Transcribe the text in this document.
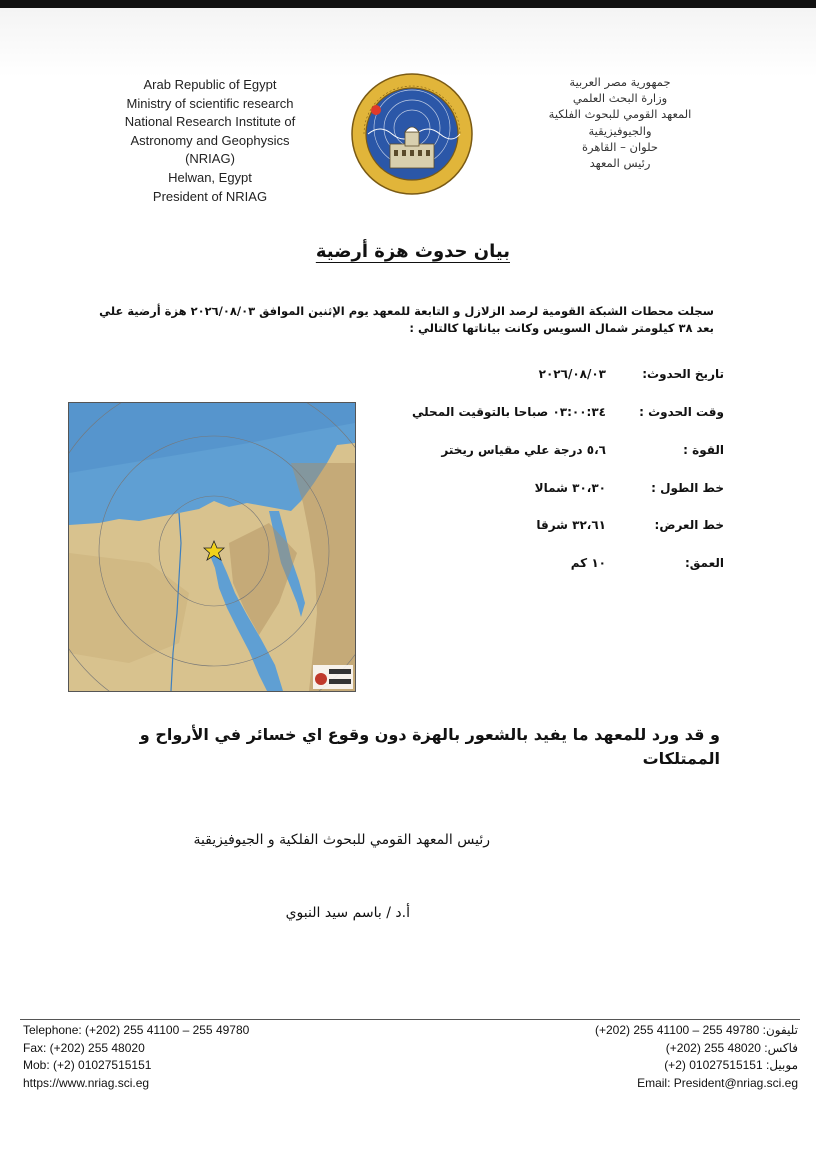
Arab Republic of Egypt
Ministry of scientific research
National Research Institute of
Astronomy and Geophysics
(NRIAG)
Helwan, Egypt
President of NRIAG
جمهورية مصر العربية
وزارة البحث العلمي
المعهد القومي للبحوث الفلكية
والجيوفيزيقية
حلوان – القاهرة
رئيس المعهد
بيان حدوث هزة أرضية
سجلت محطات الشبكة القومية لرصد الزلازل و التابعة للمعهد يوم الإثنين الموافق ٢٠٢٦/٠٨/٠٣ هزة أرضية علي
بعد ٣٨ كيلومتر شمال السويس وكانت بياناتها كالتالي :
تاريخ الحدوث:
٢٠٢٦/٠٨/٠٣
وقت الحدوث :
٠٣:٠٠:٣٤ صباحا بالتوقيت المحلي
القوة :
٥،٦ درجة علي مقياس ريختر
خط الطول :
٣٠،٣٠ شمالا
خط العرض:
٣٢،٦١ شرقا
العمق:
١٠ كم
و قد ورد للمعهد ما يفيد بالشعور بالهزة دون وقوع اي خسائر في الأرواح و الممتلكات
رئيس المعهد القومي للبحوث الفلكية و الجيوفيزيقية
أ.د / باسم سيد النبوي
Telephone: (+202) 255 41100 – 255 49780
Fax: (+202) 255 48020
Mob: (+2) 01027515151
https://www.nriag.sci.eg
تليفون: 49780 255 – 41100 255 (202+)
فاكس: 48020 255 (202+)
موبيل: 01027515151 (2+)
Email: President@nriag.sci.eg
